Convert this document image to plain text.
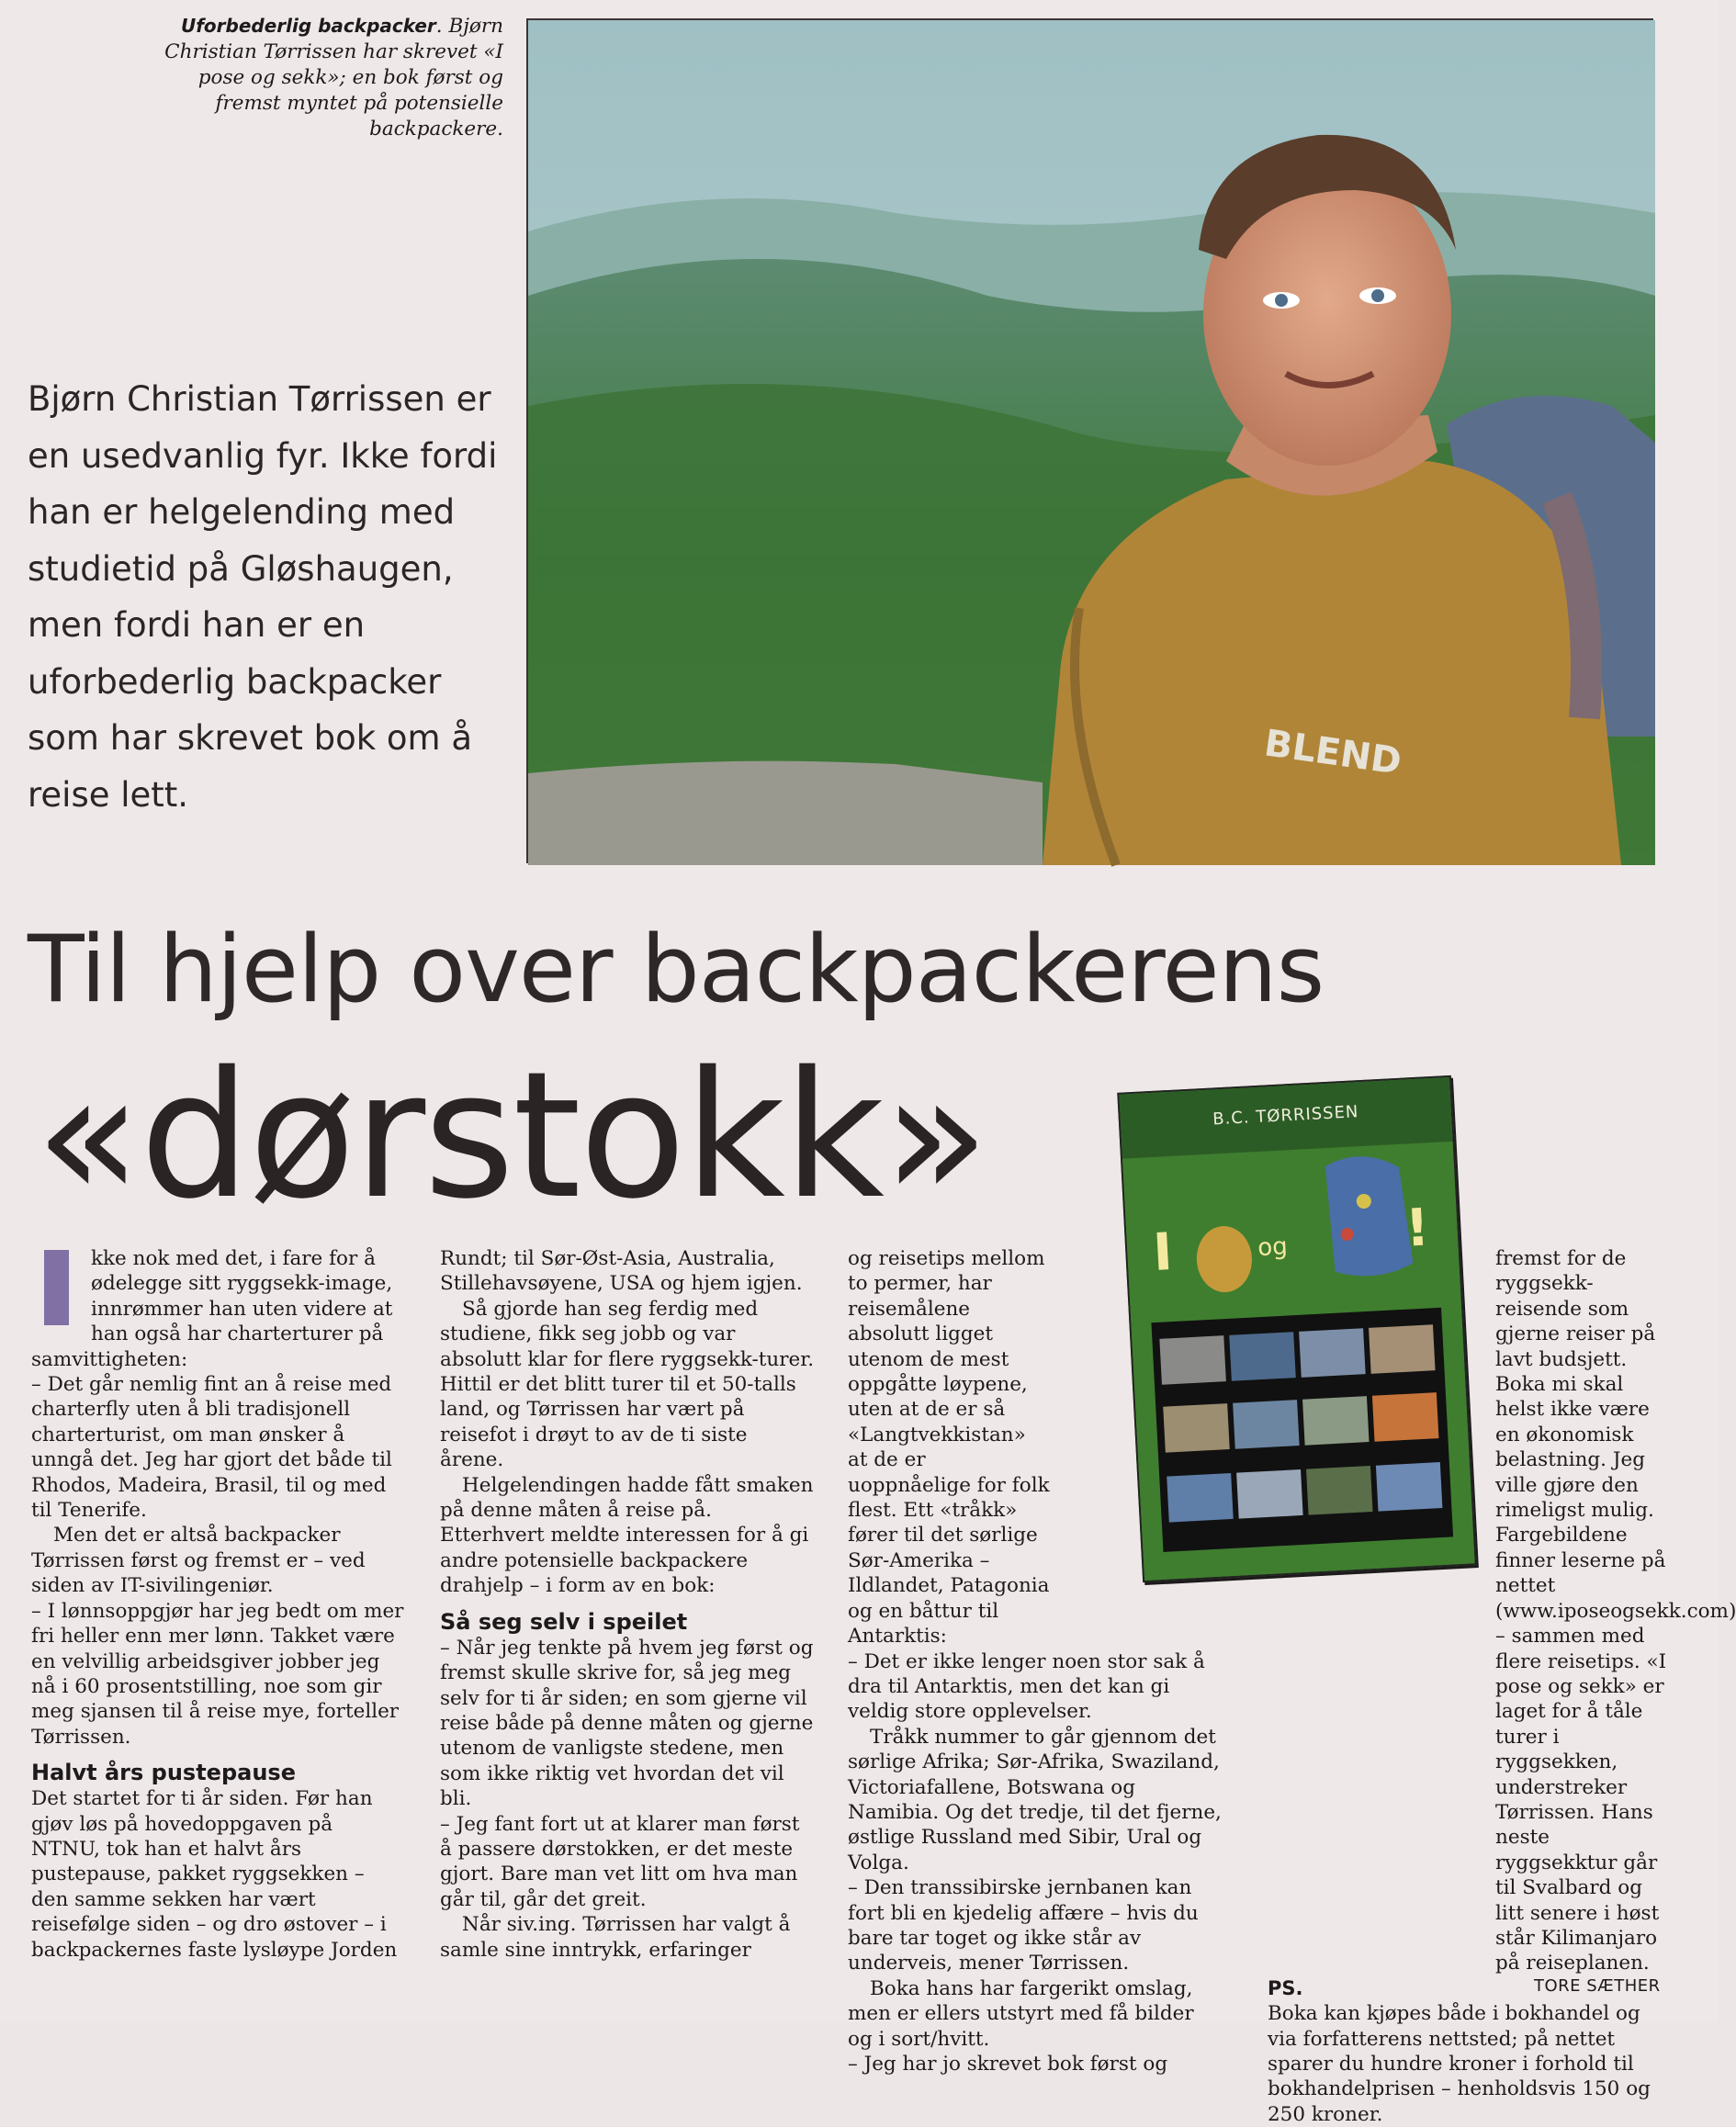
Uforbederlig backpacker. Bjørn Christian Tørrissen har skrevet «I pose og sekk»; en bok først og fremst myntet på potensielle backpackere.
BLEND
Bjørn Christian Tørrissen er en usedvanlig fyr. Ikke fordi han er helgelending med studietid på Gløshaugen, men fordi han er en uforbederlig backpacker som har skrevet bok om å reise lett.
Til hjelp over backpackerens
«dørstokk»	B.C. TØRRISSEN
I	og !

kke nok med det, i fare for å ødelegge sitt ryggsekk-image, innrømmer han uten videre at han også har charterturer på samvittigheten:

– Det går nemlig fint an å reise med charterfly uten å bli tradisjonell charterturist, om man ønsker å unngå det. Jeg har gjort det både til Rhodos, Madeira, Brasil, til og med til Tenerife.

Men det er altså backpacker Tørrissen først og fremst er – ved siden av IT-sivilingeniør.

– I lønnsoppgjør har jeg bedt om mer fri heller enn mer lønn. Takket være en velvillig arbeidsgiver jobber jeg nå i 60 prosentstilling, noe som gir meg sjansen til å reise mye, forteller Tørrissen.

Halvt års pustepause

Det startet for ti år siden. Før han gjøv løs på hovedoppgaven på NTNU, tok han et halvt års pustepause, pakket ryggsekken – den samme sekken har vært reisefølge siden – og dro østover – i backpackernes faste lysløype Jorden

Rundt; til Sør-Øst-Asia, Australia, Stillehavsøyene, USA og hjem igjen.

Så gjorde han seg ferdig med studiene, fikk seg jobb og var absolutt klar for flere ryggsekk-turer. Hittil er det blitt turer til et 50-talls land, og Tørrissen har vært på reisefot i drøyt to av de ti siste årene.

Helgelendingen hadde fått smaken på denne måten å reise på. Etterhvert meldte interessen for å gi andre potensielle backpackere drahjelp – i form av en bok:

Så seg selv i speilet

– Når jeg tenkte på hvem jeg først og fremst skulle skrive for, så jeg meg selv for ti år siden; en som gjerne vil reise både på denne måten og gjerne utenom de vanligste stedene, men som ikke riktig vet hvordan det vil bli.

– Jeg fant fort ut at klarer man først å passere dørstokken, er det meste gjort. Bare man vet litt om hva man går til, går det greit.

Når siv.ing. Tørrissen har valgt å samle sine inntrykk, erfaringer

og reisetips mellom to permer, har reisemålene absolutt ligget utenom de mest oppgåtte løypene, uten at de er så «Langtvekkistan» at de er uoppnåelige for folk flest. Ett «tråkk» fører til det sørlige Sør-Amerika – Ildlandet, Patagonia og en båttur til Antarktis:

– Det er ikke lenger noen stor sak å dra til Antarktis, men det kan gi veldig store opplevelser.

Tråkk nummer to går gjennom det sørlige Afrika; Sør-Afrika, Swaziland, Victoriafallene, Botswana og Namibia. Og det tredje, til det fjerne, østlige Russland med Sibir, Ural og Volga.

– Den transsibirske jernbanen kan fort bli en kjedelig affære – hvis du bare tar toget og ikke står av underveis, mener Tørrissen.

Boka hans har fargerikt omslag, men er ellers utstyrt med få bilder og i sort/hvitt.

– Jeg har jo skrevet bok først og

fremst for de ryggsekk-reisende som gjerne reiser på lavt budsjett. Boka mi skal helst ikke være en økonomisk belastning. Jeg ville gjøre den rimeligst mulig. Fargebildene finner leserne på nettet (www.iposeogsekk.com) – sammen med flere reisetips. «I pose og sekk» er laget for å tåle turer i ryggsekken, understreker Tørrissen. Hans neste ryggsekktur går til Svalbard og litt senere i høst står Kilimanjaro på reiseplanen.

PS.

Boka kan kjøpes både i bokhandel og via forfatterens nettsted; på nettet sparer du hundre kroner i forhold til bokhandelprisen – henholdsvis 150 og 250 kroner.

TORE SÆTHER
